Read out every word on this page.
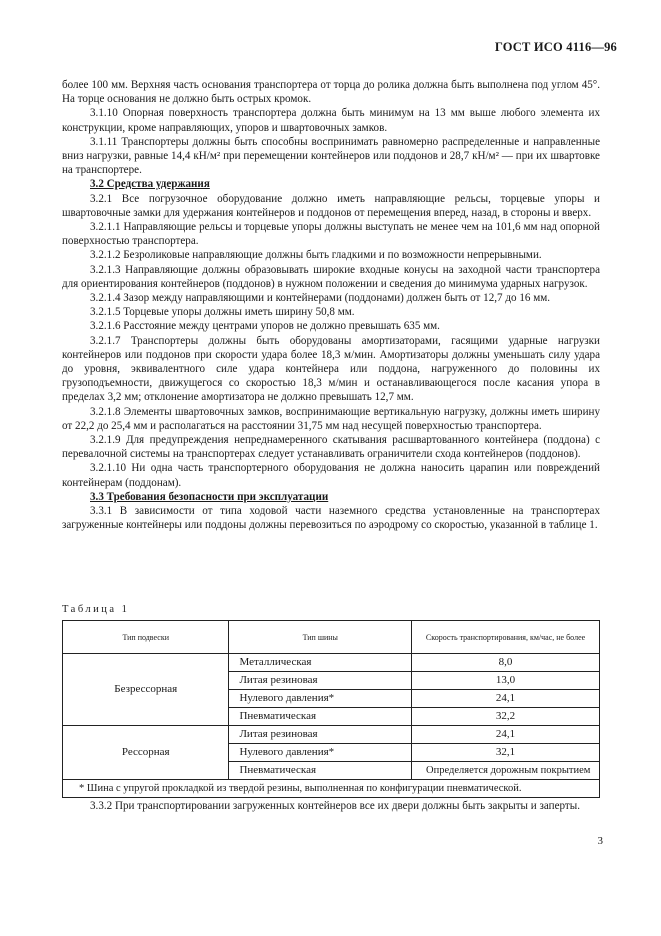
ГОСТ ИСО 4116—96

более 100 мм. Верхняя часть основания транспортера от торца до ролика должна быть выполнена под углом 45°. На торце основания не должно быть острых кромок.

3.1.10 Опорная поверхность транспортера должна быть минимум на 13 мм выше любого элемента их конструкции, кроме направляющих, упоров и швартовочных замков.

3.1.11 Транспортеры должны быть способны воспринимать равномерно распределенные и направленные вниз нагрузки, равные 14,4 кН/м² при перемещении контейнеров или поддонов и 28,7 кН/м² — при их швартовке на транспортере.

3.2 Средства удержания

3.2.1 Все погрузочное оборудование должно иметь направляющие рельсы, торцевые упоры и швартовочные замки для удержания контейнеров и поддонов от перемещения вперед, назад, в стороны и вверх.

3.2.1.1 Направляющие рельсы и торцевые упоры должны выступать не менее чем на 101,6 мм над опорной поверхностью транспортера.

3.2.1.2 Безроликовые направляющие должны быть гладкими и по возможности непрерывными.

3.2.1.3 Направляющие должны образовывать широкие входные конусы на заходной части транспортера для ориентирования контейнеров (поддонов) в нужном положении и сведения до минимума ударных нагрузок.

3.2.1.4 Зазор между направляющими и контейнерами (поддонами) должен быть от 12,7 до 16 мм.

3.2.1.5 Торцевые упоры должны иметь ширину 50,8 мм.

3.2.1.6 Расстояние между центрами упоров не должно превышать 635 мм.

3.2.1.7 Транспортеры должны быть оборудованы амортизаторами, гасящими ударные нагрузки контейнеров или поддонов при скорости удара более 18,3 м/мин. Амортизаторы должны уменьшать силу удара до уровня, эквивалентного силе удара контейнера или поддона, нагруженного до половины их грузоподъемности, движущегося со скоростью 18,3 м/мин и останавливающегося после касания упора в пределах 3,2 мм; отклонение амортизатора не должно превышать 12,7 мм.

3.2.1.8 Элементы швартовочных замков, воспринимающие вертикальную нагрузку, должны иметь ширину от 22,2 до 25,4 мм и располагаться на расстоянии 31,75 мм над несущей поверхностью транспортера.

3.2.1.9 Для предупреждения непреднамеренного скатывания расшвартованного контейнера (поддона) с перевалочной системы на транспортерах следует устанавливать ограничители схода контейнеров (поддонов).

3.2.1.10 Ни одна часть транспортерного оборудования не должна наносить царапин или повреждений контейнерам (поддонам).

3.3 Требования безопасности при эксплуатации

3.3.1 В зависимости от типа ходовой части наземного средства установленные на транспортерах загруженные контейнеры или поддоны должны перевозиться по аэродрому со скоростью, указанной в таблице 1.

Таблица 1
Тип подвески	Тип шины	Скорость транспортирования, км/час, не более
Безрессорная	Металлическая	8,0
	Литая резиновая	13,0
	Нулевого давления*	24,1
	Пневматическая	32,2
Рессорная	Литая резиновая	24,1
	Нулевого давления*	32,1
	Пневматическая	Определяется дорожным покрытием
* Шина с упругой прокладкой из твердой резины, выполненная по конфигурации пневматической.		

3.3.2 При транспортировании загруженных контейнеров все их двери должны быть закрыты и заперты.

3
